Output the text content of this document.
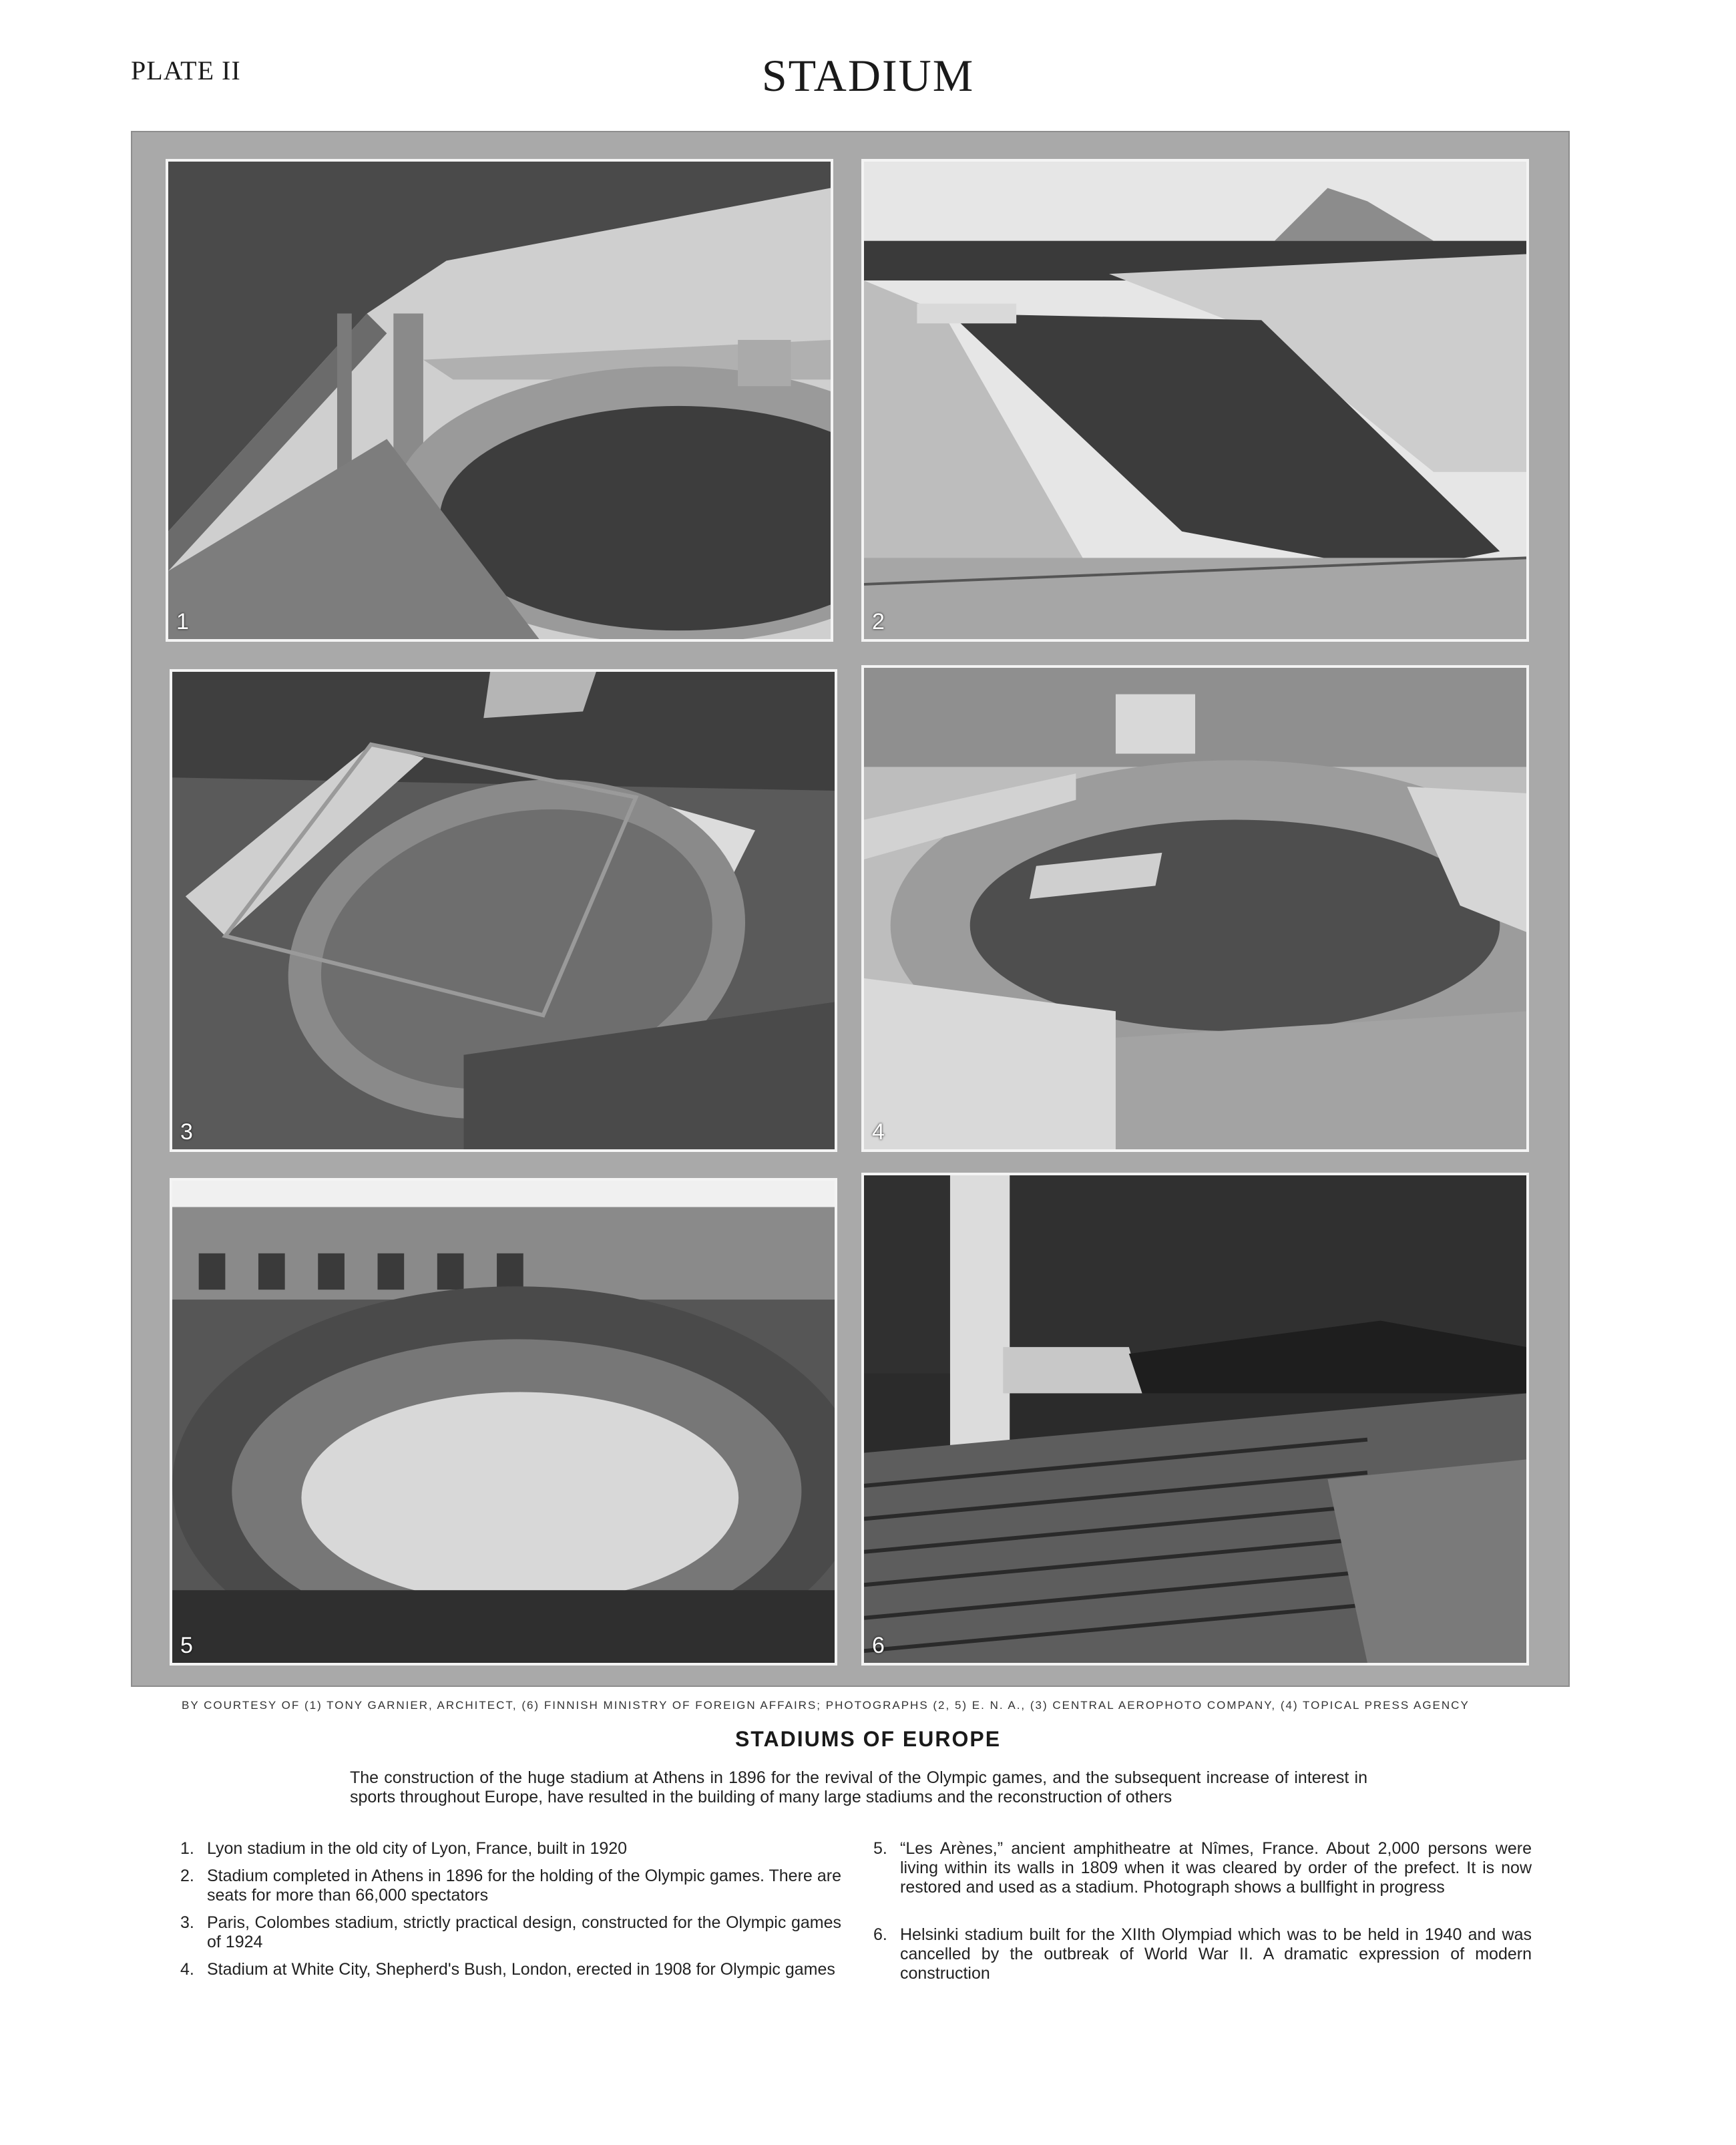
PLATE II	STADIUM
1	2
3	4
5	6
BY COURTESY OF (1) TONY GARNIER, ARCHITECT, (6) FINNISH MINISTRY OF FOREIGN AFFAIRS; PHOTOGRAPHS (2, 5) E. N. A., (3) CENTRAL AEROPHOTO COMPANY, (4) TOPICAL PRESS AGENCY
STADIUMS OF EUROPE
The construction of the huge stadium at Athens in 1896 for the revival of the Olympic games, and the subsequent increase of interest in sports throughout Europe, have resulted in the building of many large stadiums and the reconstruction of others
1. Lyon stadium in the old city of Lyon, France, built in 1920
2. Stadium completed in Athens in 1896 for the holding of the Olympic games. There are seats for more than 66,000 spectators
3. Paris, Colombes stadium, strictly practical design, constructed for the Olympic games of 1924
4. Stadium at White City, Shepherd's Bush, London, erected in 1908 for Olympic games
5. “Les Arènes,” ancient amphitheatre at Nîmes, France. About 2,000 persons were living within its walls in 1809 when it was cleared by order of the prefect. It is now restored and used as a stadium. Photograph shows a bullfight in progress
6. Helsinki stadium built for the XIIth Olympiad which was to be held in 1940 and was cancelled by the outbreak of World War II. A dramatic expression of modern construction
